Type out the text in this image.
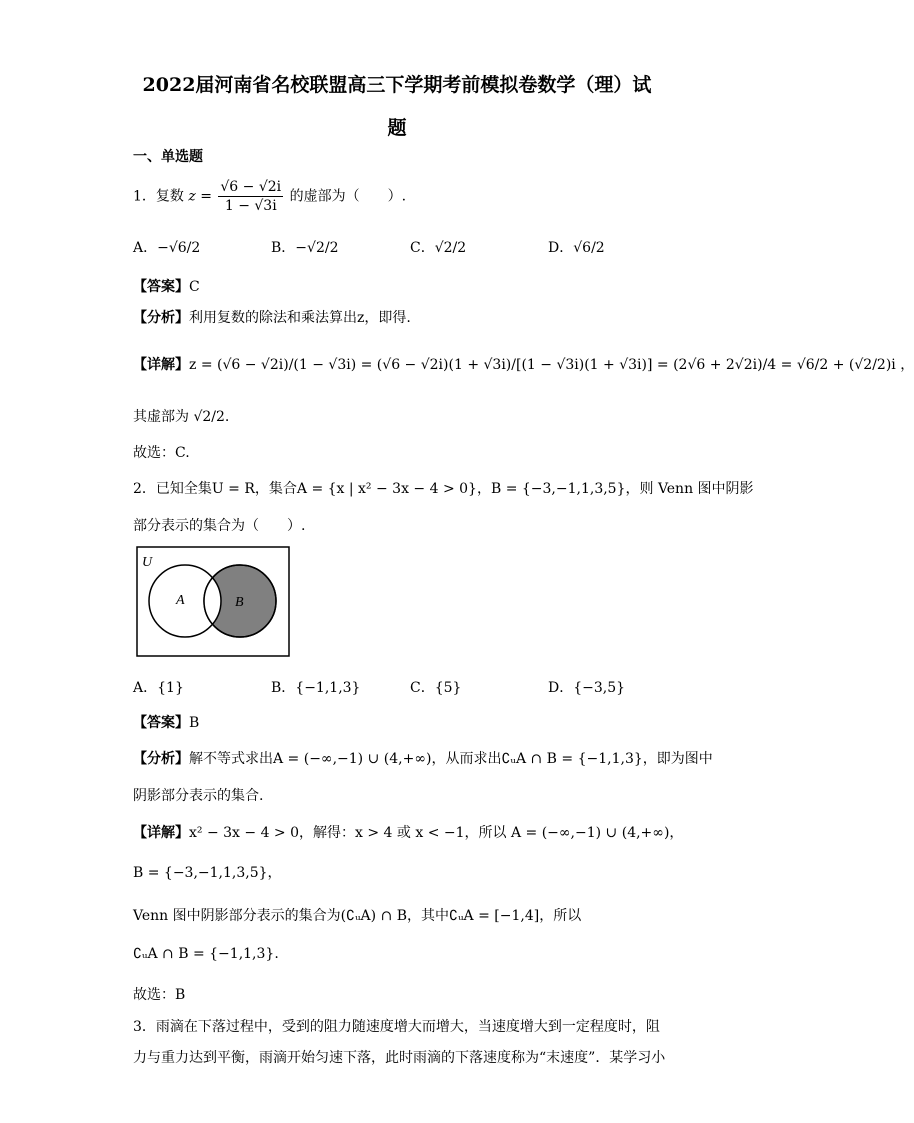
2022届河南省名校联盟高三下学期考前模拟卷数学（理）试
题
一、单选题
1．复数 $z = \frac{√6 - √2i}{1 - √3i}$ 的虚部为（　　）.
A．−√6/2	B．−√2/2	C．√2/2	D．√6/2
【答案】C
【分析】利用复数的除法和乘法算出z，即得.
【详解】z = (√6 − √2i)/(1 − √3i) = (√6 − √2i)(1 + √3i)/[(1 − √3i)(1 + √3i)] = (2√6 + 2√2i)/4 = √6/2 + (√2/2)i ，
其虚部为 √2/2.
故选：C.
2．已知全集U = R，集合A = {x | x² − 3x − 4 > 0}，B = {−3,−1,1,3,5}，则 Venn 图中阴影
部分表示的集合为（　　）.
U
A	B
A．{1}	B．{−1,1,3}	C．{5}	D．{−3,5}
【答案】B
【分析】解不等式求出A = (−∞,−1) ∪ (4,+∞)，从而求出∁ᵤA ∩ B = {−1,1,3}，即为图中
阴影部分表示的集合.
【详解】x² − 3x − 4 > 0，解得：x > 4 或 x < −1，所以 A = (−∞,−1) ∪ (4,+∞)，
B = {−3,−1,1,3,5}，
Venn 图中阴影部分表示的集合为(∁ᵤA) ∩ B，其中∁ᵤA = [−1,4]，所以
∁ᵤA ∩ B = {−1,1,3}.
故选：B
3．雨滴在下落过程中，受到的阻力随速度增大而增大，当速度增大到一定程度时，阻
力与重力达到平衡，雨滴开始匀速下落，此时雨滴的下落速度称为“末速度”．某学习小
